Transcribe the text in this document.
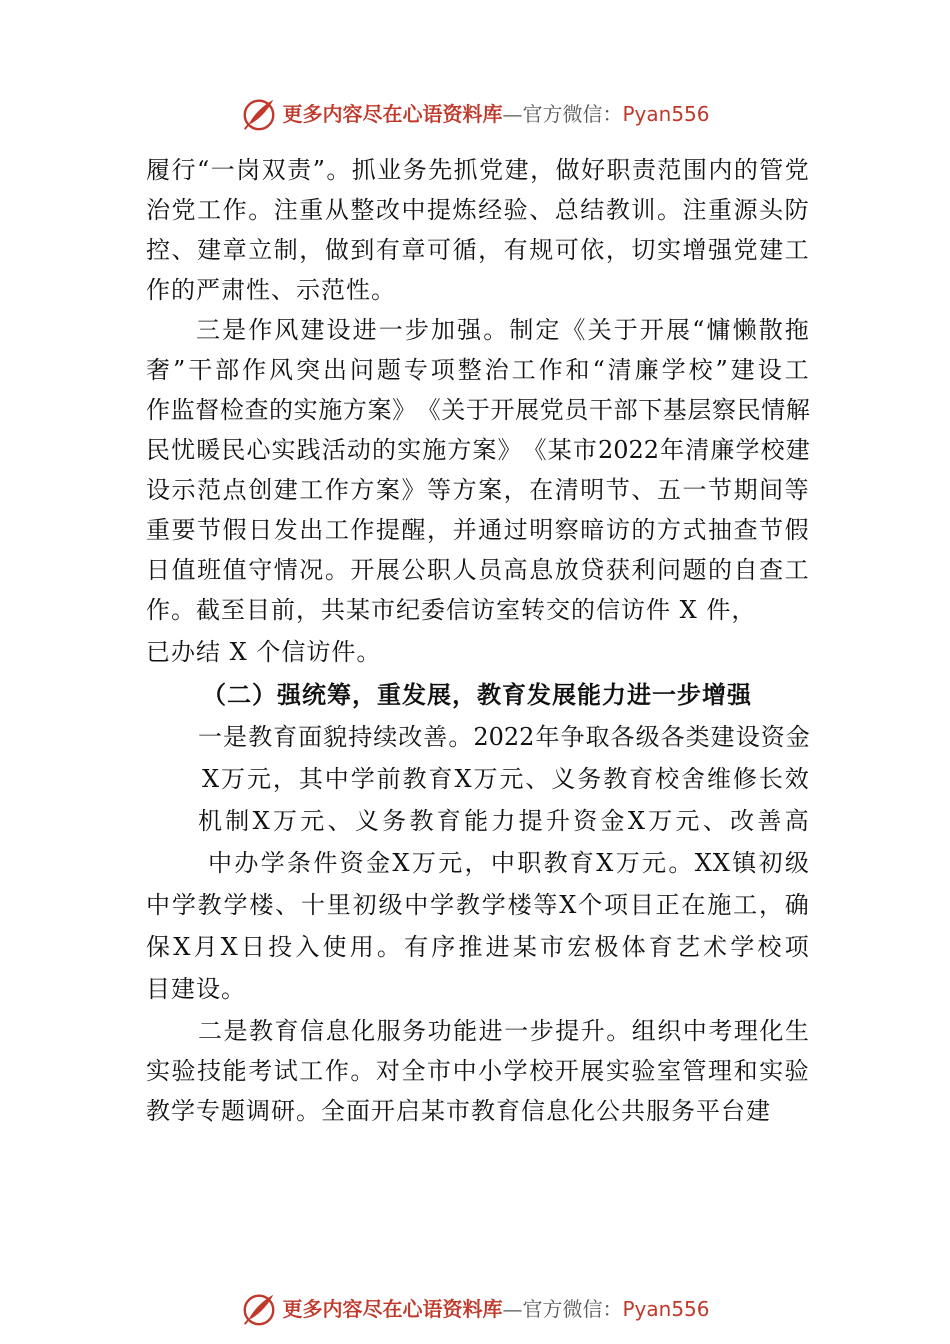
更多内容尽在心语资料库—官方微信：Pyan556
履 行 “ 一 岗 双 责 ” 。 抓 业 务 先 抓 党 建 ， 做 好 职 责 范 围 内 的 管 党
治 党 工 作 。 注 重 从 整 改 中 提 炼 经 验 、 总 结 教 训 。 注 重 源 头 防
控 、 建 章 立 制 ， 做 到 有 章 可 循 ， 有 规 可 依 ， 切 实 增 强 党 建 工
作的严肃性、示范性。
三 是 作 风 建 设 进 一 步 加 强 。 制 定 《 关 于 开 展 “ 慵 懒 散 拖
奢 ” 干 部 作 风 突 出 问 题 专 项 整 治 工 作 和 “ 清 廉 学 校 ” 建 设 工
作 监 督 检 查 的 实 施 方 案 》 《 关 于 开 展 党 员 干 部 下 基 层 察 民 情 解
民 忧 暖 民 心 实 践 活 动 的 实 施 方 案 》 《 某 市 2022 年 清 廉 学 校 建
设 示 范 点 创 建 工 作 方 案 》 等 方 案 ， 在 清 明 节 、 五 一 节 期 间 等
重 要 节 假 日 发 出 工 作 提 醒 ， 并 通 过 明 察 暗 访 的 方 式 抽 查 节 假
日 值 班 值 守 情 况 。 开 展 公 职 人 员 高 息 放 贷 获 利 问 题 的 自 查 工
作。截至目前，共某市纪委信访室转交的信访件 X 件，
已办结 X 个信访件。
（二）强统筹，重发展，教育发展能力进一步增强
一 是 教 育 面 貌 持 续 改 善 。 2022 年 争 取 各 级 各 类 建 设 资 金
X 万 元 ， 其 中 学 前 教 育 X 万 元 、 义 务 教 育 校 舍 维 修 长 效
机 制 X 万 元 、 义 务 教 育 能 力 提 升 资 金 X 万 元 、 改 善 高
中 办 学 条 件 资 金 X 万 元 ， 中 职 教 育 X 万 元 。 XX 镇 初 级
中 学 教 学 楼 、 十 里 初 级 中 学 教 学 楼 等 X 个 项 目 正 在 施 工 ， 确
保 X 月 X 日 投 入 使 用 。 有 序 推 进 某 市 宏 极 体 育 艺 术 学 校 项
目建设。
二 是 教 育 信 息 化 服 务 功 能 进 一 步 提 升 。 组 织 中 考 理 化 生
实 验 技 能 考 试 工 作 。 对 全 市 中 小 学 校 开 展 实 验 室 管 理 和 实 验
教学专题调研。全面开启某市教育信息化公共服务平台建
更多内容尽在心语资料库—官方微信：Pyan556
